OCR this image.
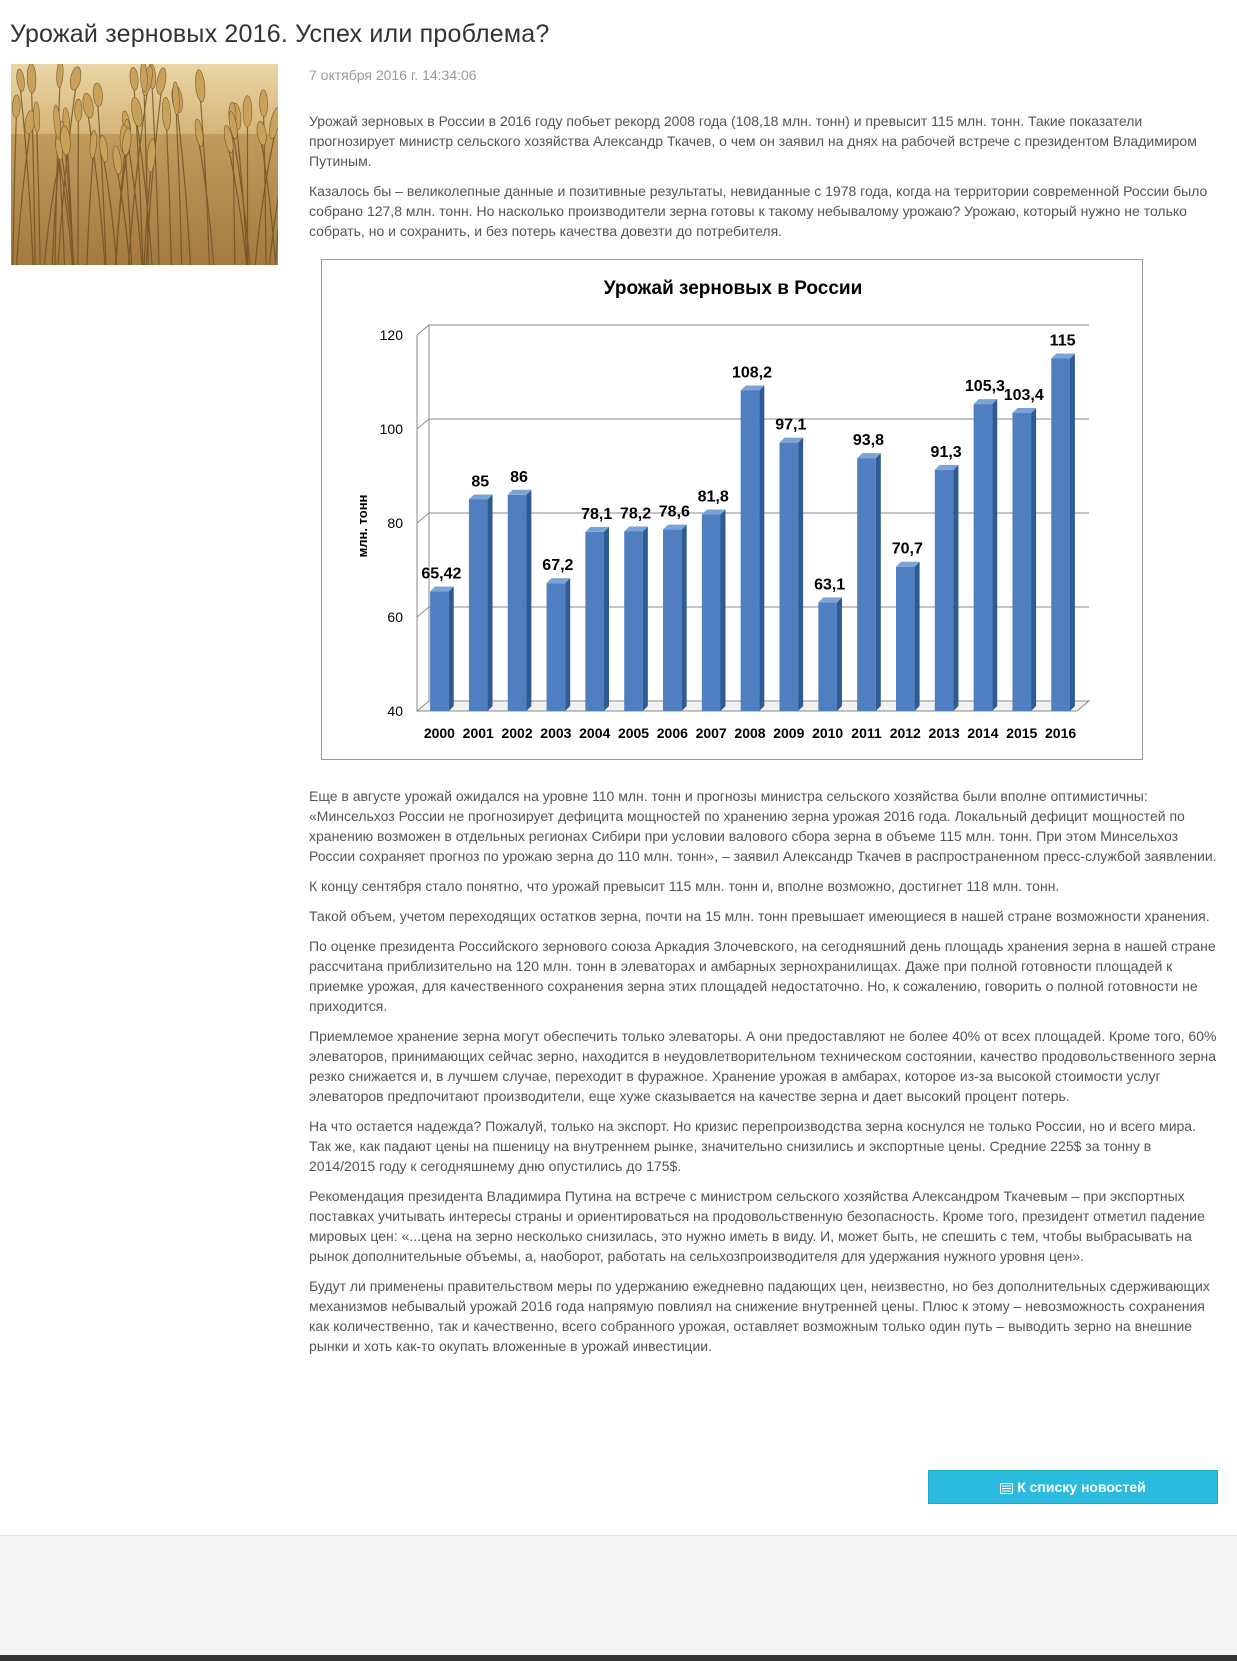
Урожай зерновых 2016. Успех или проблема?
7 октября 2016 г. 14:34:06

Урожай зерновых в России в 2016 году побьет рекорд 2008 года (108,18 млн. тонн) и превысит 115 млн. тонн. Такие показатели прогнозирует министр сельского хозяйства Александр Ткачев, о чем он заявил на днях на рабочей встрече с президентом Владимиром Путиным.

Казалось бы – великолепные данные и позитивные результаты, невиданные с 1978 года, когда на территории современной России было собрано 127,8 млн. тонн. Но насколько производители зерна готовы к такому небывалому урожаю? Урожаю, который нужно не только собрать, но и сохранить, и без потерь качества довезти до потребителя.

Урожай зерновых в России
млн. тонн
65,42
85 86
67,2
78,1 78,2 78,6
81,8
108,2
97,1
63,1
93,8
70,7
91,3
105,3
103,4
115
2000 2001 2002 2003 2004 2005 2006 2007 2008 2009 2010 2011 2012 2013 2014 2015 2016
40
60
80
100
120

Еще в августе урожай ожидался на уровне 110 млн. тонн и прогнозы министра сельского хозяйства были вполне оптимистичны: «Минсельхоз России не прогнозирует дефицита мощностей по хранению зерна урожая 2016 года. Локальный дефицит мощностей по хранению возможен в отдельных регионах Сибири при условии валового сбора зерна в объеме 115 млн. тонн. При этом Минсельхоз России сохраняет прогноз по урожаю зерна до 110 млн. тонн», – заявил Александр Ткачев в распространенном пресс-службой заявлении.

К концу сентября стало понятно, что урожай превысит 115 млн. тонн и, вполне возможно, достигнет 118 млн. тонн.

Такой объем, учетом переходящих остатков зерна, почти на 15 млн. тонн превышает имеющиеся в нашей стране возможности хранения.

По оценке президента Российского зернового союза Аркадия Злочевского, на сегодняшний день площадь хранения зерна в нашей стране рассчитана приблизительно на 120 млн. тонн в элеваторах и амбарных зернохранилищах. Даже при полной готовности площадей к приемке урожая, для качественного сохранения зерна этих площадей недостаточно. Но, к сожалению, говорить о полной готовности не приходится.

Приемлемое хранение зерна могут обеспечить только элеваторы. А они предоставляют не более 40% от всех площадей. Кроме того, 60% элеваторов, принимающих сейчас зерно, находится в неудовлетворительном техническом состоянии, качество продовольственного зерна резко снижается и, в лучшем случае, переходит в фуражное. Хранение урожая в амбарах, которое из-за высокой стоимости услуг элеваторов предпочитают производители, еще хуже сказывается на качестве зерна и дает высокий процент потерь.

На что остается надежда? Пожалуй, только на экспорт. Но кризис перепроизводства зерна коснулся не только России, но и всего мира. Так же, как падают цены на пшеницу на внутреннем рынке, значительно снизились и экспортные цены. Средние 225$ за тонну в 2014/2015 году к сегодняшнему дню опустились до 175$.

Рекомендация президента Владимира Путина на встрече с министром сельского хозяйства Александром Ткачевым – при экспортных поставках учитывать интересы страны и ориентироваться на продовольственную безопасность. Кроме того, президент отметил падение мировых цен: «...цена на зерно несколько снизилась, это нужно иметь в виду. И, может быть, не спешить с тем, чтобы выбрасывать на рынок дополнительные объемы, а, наоборот, работать на сельхозпроизводителя для удержания нужного уровня цен».

Будут ли применены правительством меры по удержанию ежедневно падающих цен, неизвестно, но без дополнительных сдерживающих механизмов небывалый урожай 2016 года напрямую повлиял на снижение внутренней цены. Плюс к этому – невозможность сохранения как количественно, так и качественно, всего собранного урожая, оставляет возможным только один путь – выводить зерно на внешние рынки и хоть как-то окупать вложенные в урожай инвестиции.

К списку новостей
